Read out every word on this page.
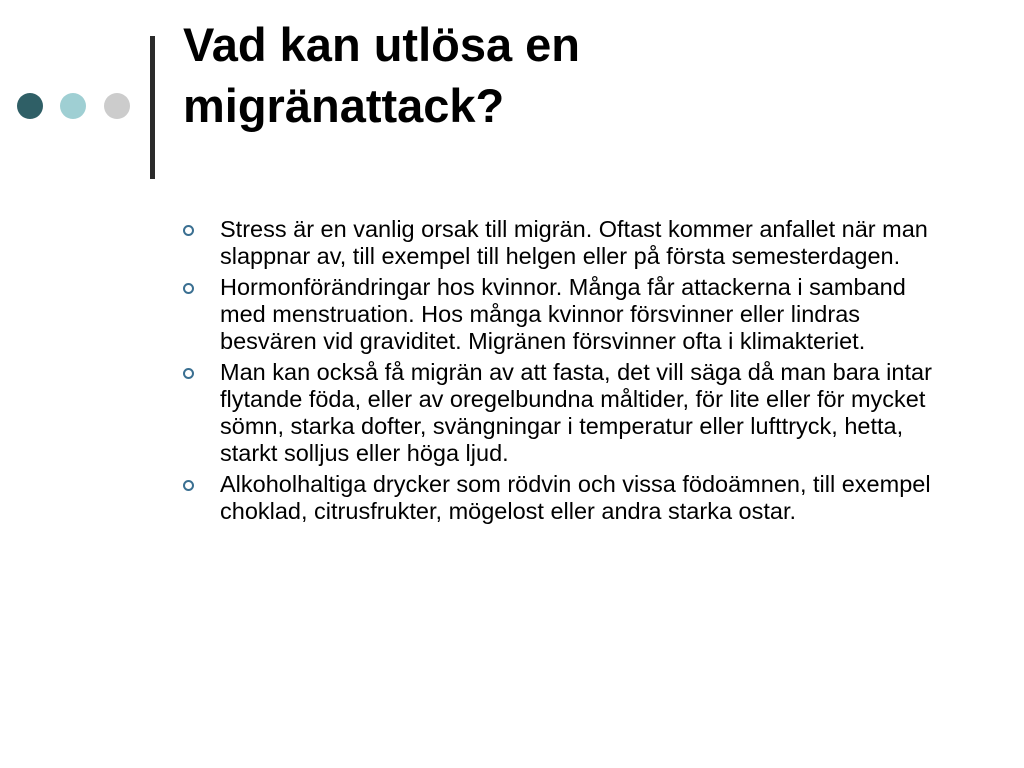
Vad kan utlösa en
migränattack?
Stress är en vanlig orsak till migrän. Oftast kommer anfallet när man slappnar av, till exempel till helgen eller på första semesterdagen.
Hormonförändringar hos kvinnor. Många får attackerna i samband med menstruation. Hos många kvinnor försvinner eller lindras besvären vid graviditet. Migränen försvinner ofta i klimakteriet.
Man kan också få migrän av att fasta, det vill säga då man bara intar flytande föda, eller av oregelbundna måltider, för lite eller för mycket sömn, starka dofter, svängningar i temperatur eller lufttryck, hetta, starkt solljus eller höga ljud.
Alkoholhaltiga drycker som rödvin och vissa födoämnen, till exempel choklad, citrusfrukter, mögelost eller andra starka ostar.
